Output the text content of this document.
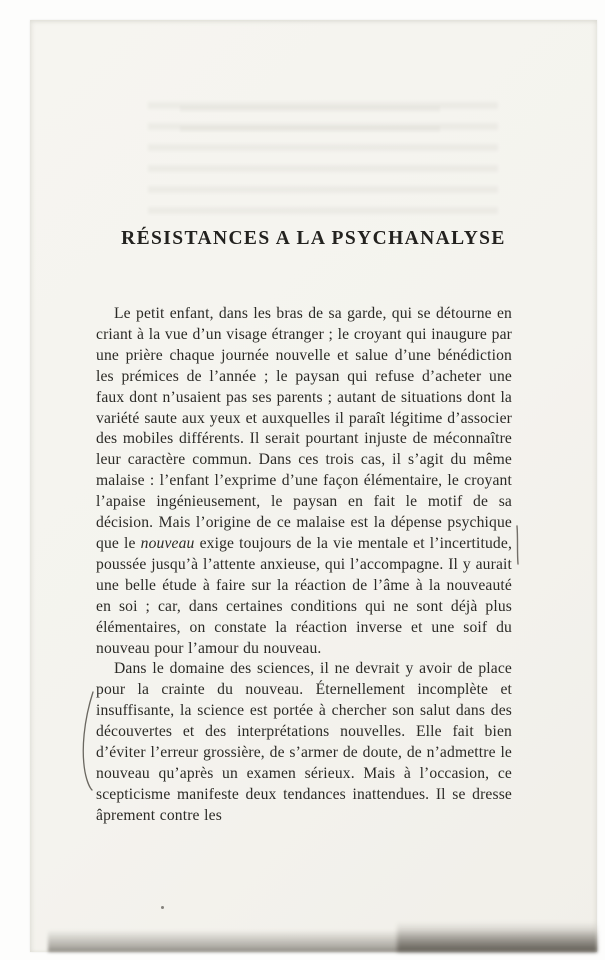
RÉSISTANCES A LA PSYCHANALYSE

Le petit enfant, dans les bras de sa garde, qui se détourne en criant à la vue d’un visage étranger ; le croyant qui inaugure par une prière chaque journée nouvelle et salue d’une bénédiction les prémices de l’année ; le paysan qui refuse d’acheter une faux dont n’usaient pas ses parents ; autant de situations dont la variété saute aux yeux et auxquelles il paraît légitime d’associer des mobiles différents. Il serait pourtant injuste de méconnaître leur caractère commun. Dans ces trois cas, il s’agit du même malaise : l’enfant l’exprime d’une façon élémentaire, le croyant l’apaise ingénieusement, le paysan en fait le motif de sa décision. Mais l’origine de ce malaise est la dépense psychique que le nouveau exige toujours de la vie mentale et l’incertitude, poussée jusqu’à l’attente anxieuse, qui l’accompagne. Il y aurait une belle étude à faire sur la réaction de l’âme à la nouveauté en soi ; car, dans certaines conditions qui ne sont déjà plus élémentaires, on constate la réaction inverse et une soif du nouveau pour l’amour du nouveau.

Dans le domaine des sciences, il ne devrait y avoir de place pour la crainte du nouveau. Éternellement incomplète et insuffisante, la science est portée à chercher son salut dans des découvertes et des interprétations nouvelles. Elle fait bien d’éviter l’erreur grossière, de s’armer de doute, de n’admettre le nouveau qu’après un examen sérieux. Mais à l’occasion, ce scepticisme manifeste deux tendances inattendues. Il se dresse âprement contre les
